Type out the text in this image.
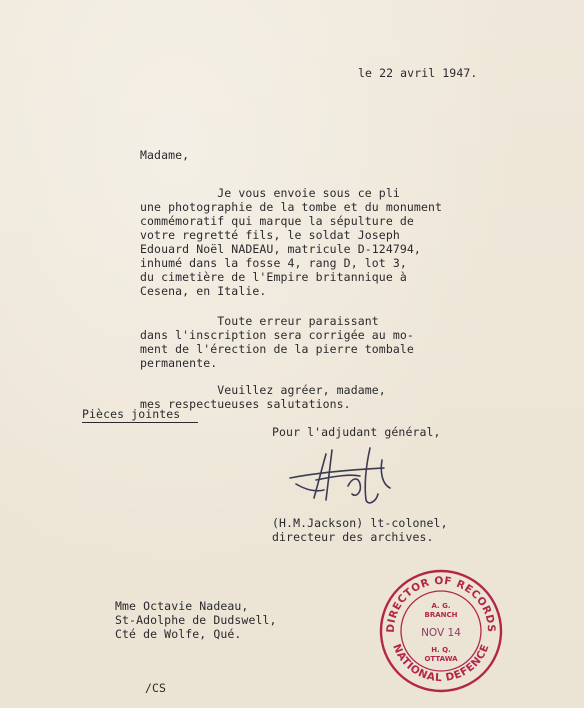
le 22 avril 1947.
Madame,

Je vous envoie sous ce pli
une photographie de la tombe et du monument
commémoratif qui marque la sépulture de
votre regretté fils, le soldat Joseph
Edouard Noël NADEAU, matricule D-124794,
inhumé dans la fosse 4, rang D, lot 3,
du cimetière de l'Empire britannique à
Cesena, en Italie.

Toute erreur paraissant
dans l'inscription sera corrigée au mo-
ment de l'érection de la pierre tombale
permanente.

Veuillez agréer, madame,
mes respectueuses salutations.
Pièces jointes
Pour l'adjudant général,

(H.M.Jackson) lt-colonel,
directeur des archives.

Mme Octavie Nadeau,
St-Adolphe de Dudswell,
Cté de Wolfe, Qué.
/CS
DIRECTOR OF RECORDS
NATIONAL DEFENCE
A. G.
BRANCH
NOV 14
H. Q.
OTTAWA
